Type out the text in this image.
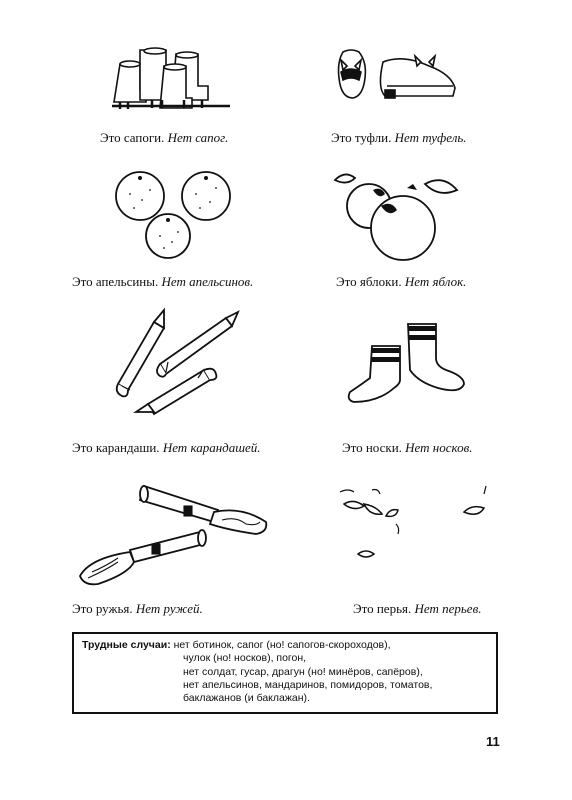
Это сапоги. Нет сапог.	Это туфли. Нет туфель.
Это апельсины. Нет апельсинов.	Это яблоки. Нет яблок.
Это карандаши. Нет карандашей.	Это носки. Нет носков.
Это ружья. Нет ружей.	Это перья. Нет перьев.
Трудные случаи: нет ботинок, сапог (но! сапогов-скороходов),
чулок (но! носков), погон,
нет солдат, гусар, драгун (но! минёров, сапёров),
нет апельсинов, мандаринов, помидоров, томатов,
баклажанов (и баклажан).
11
